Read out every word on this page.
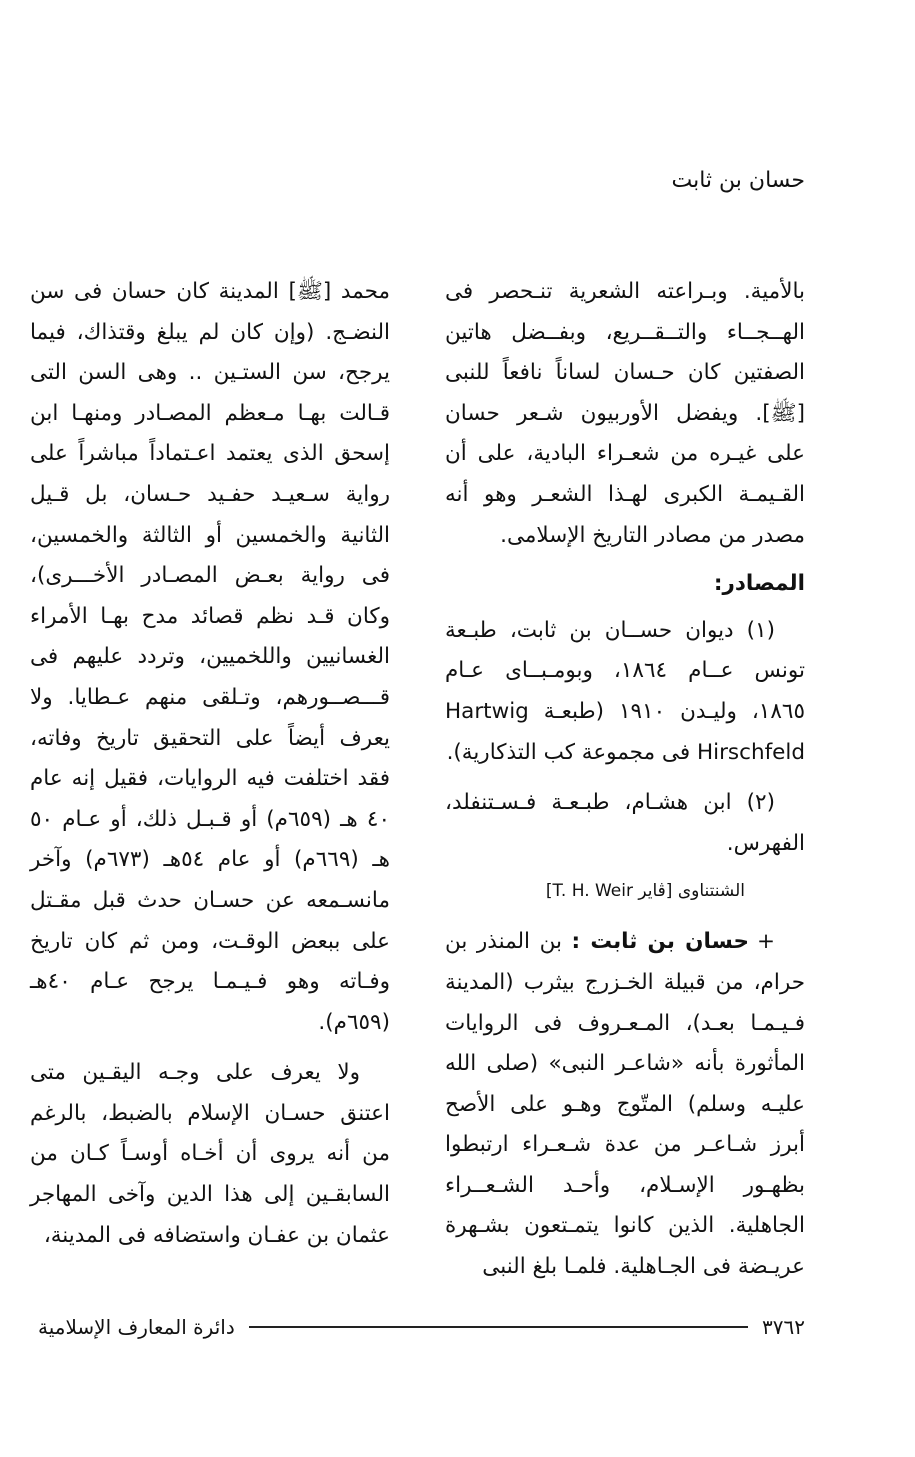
حسان بن ثابت

بالأمية. وبـراعته الشعرية تنـحصر فى الهــجــاء والتــقــريع، وبفــضل هاتين الصفتين كان حـسان لساناً نافعاً للنبى [ﷺ]. ويفضل الأوربيون شـعر حسان على غيـره من شعـراء البادية، على أن القـيمـة الكبرى لهـذا الشعـر وهو أنه مصدر من مصادر التاريخ الإسلامى.

المصادر:

(١) ديوان حســان بن ثابت، طبـعة تونس عــام ١٨٦٤، وبومـبــاى عـام ١٨٦٥، وليـدن ١٩١٠ (طبعـة Hartwig Hirschfeld فى مجموعة كب التذكارية).

(٢) ابن هشـام، طبـعـة فـسـتنفلد، الفهرس.

الشنتناوى [ڤاير T. H. Weir]

+حسان بن ثابت : بن المنذر بن حرام، من قبيلة الخـزرج بيثرب (المدينة فـيـمـا بعـد)، المـعـروف فى الروايات المأثورة بأنه «شاعـر النبى» (صلى الله عليـه وسلم) المتّوج وهـو على الأصح أبرز شـاعـر من عدة شـعـراء ارتبطوا بظهـور الإسـلام، وأحـد الشـعــراء الجاهلية. الذين كانوا يتمـتعون بشـهرة عريـضة فى الجـاهلية. فلمـا بلغ النبى

محمد [ﷺ] المدينة كان حسان فى سن النضـج. (وإن كان لم يبلغ وقتذاك، فيما يرجح، سن الستـين .. وهى السن التى قـالت بهـا مـعظم المصـادر ومنهـا ابن إسحق الذى يعتمد اعـتماداً مباشراً على رواية سـعيـد حفـيد حـسان، بل قـيل الثانية والخمسين أو الثالثة والخمسين، فى رواية بعـض المصـادر الأخـــرى)، وكان قـد نظم قصائد مدح بهـا الأمراء الغسانيين واللخميين، وتردد عليهم فى قـــصــورهم، وتـلقى منهم عـطايا. ولا يعرف أيضاً على التحقيق تاريخ وفاته، فقد اختلفت فيه الروايات، فقيل إنه عام ٤٠ هـ (٦٥٩م) أو قـبـل ذلك، أو عـام ٥٠ هـ (٦٦٩م) أو عام ٥٤هـ (٦٧٣م) وآخر مانسـمعه عن حسـان حدث قبل مقـتل على ببعض الوقـت، ومن ثم كان تاريخ وفـاته وهو فـيـمـا يرجح عـام ٤٠هـ (٦٥٩م).

ولا يعرف على وجـه اليقـين متى اعتنق حسـان الإسلام بالضبط، بالرغم من أنه يروى أن أخـاه أوسـاً كـان من السابقـين إلى هذا الدين وآخى المهاجر عثمان بن عفـان واستضافه فى المدينة،

٣٧٦٢
دائرة المعارف الإسلامية
